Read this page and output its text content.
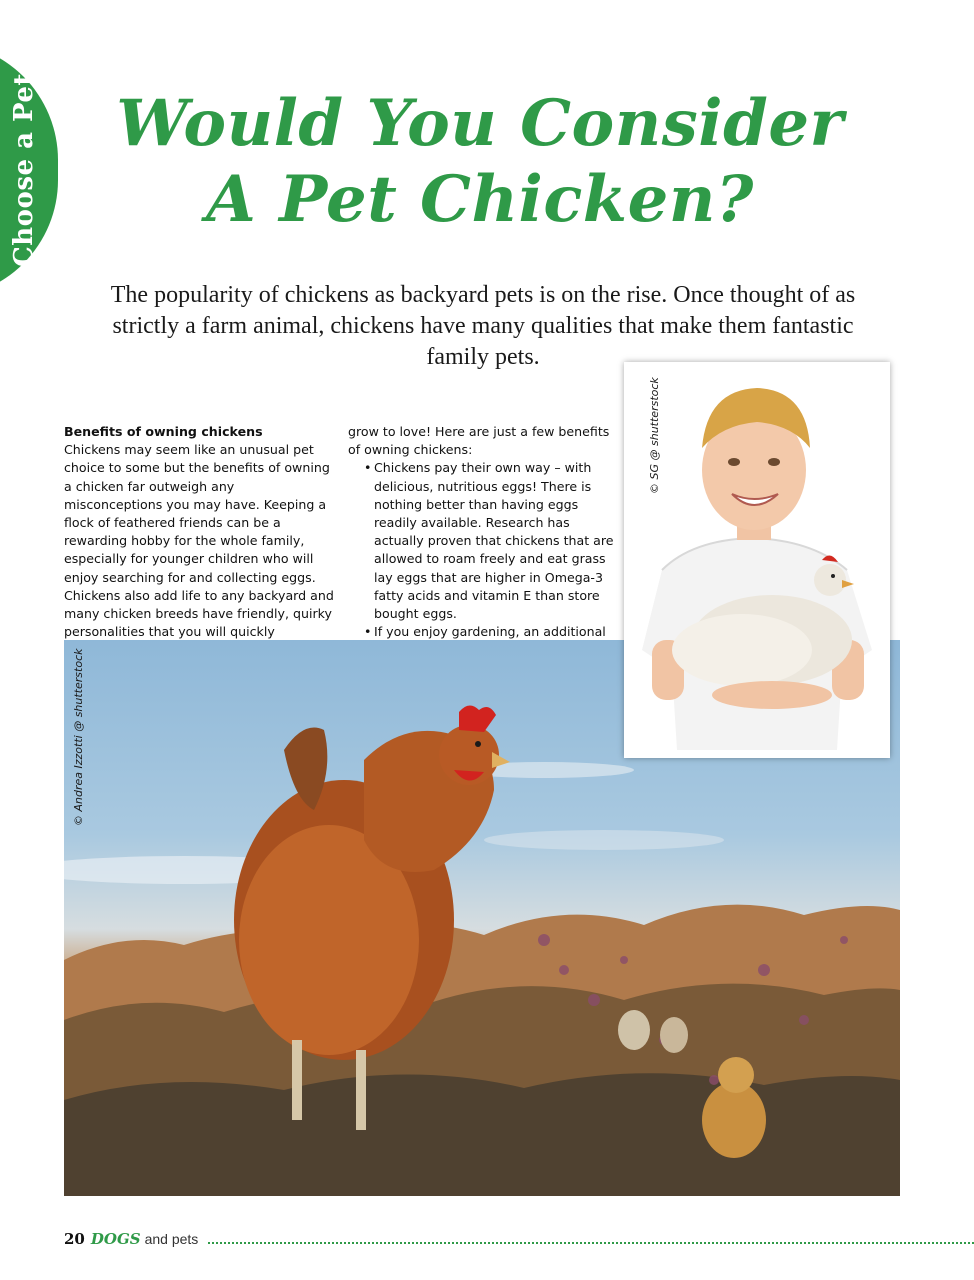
Choose a Pet Would You Consider
A Pet Chicken?

The popularity of chickens as backyard pets is on the rise. Once thought of as strictly a farm animal, chickens have many qualities that make them fantastic family pets.

Benefits of owning chickens

Chickens may seem like an unusual pet choice to some but the benefits of owning a chicken far outweigh any misconceptions you may have. Keeping a flock of feathered friends can be a rewarding hobby for the whole family, especially for younger children who will enjoy searching for and collecting eggs. Chickens also add life to any backyard and many chicken breeds have friendly, quirky personalities that you will quickly

grow to love! Here are just a few benefits of owning chickens:

• Chickens pay their own way – with delicious, nutritious eggs! There is nothing better than having eggs readily available. Research has actually proven that chickens that are allowed to roam freely and eat grass lay eggs that are higher in Omega-3 fatty acids and vitamin E than store bought eggs.
• If you enjoy gardening, an additional
© Andrea Izzotti @ shutterstock
© SG @ shutterstock
20 DOGS and pets
